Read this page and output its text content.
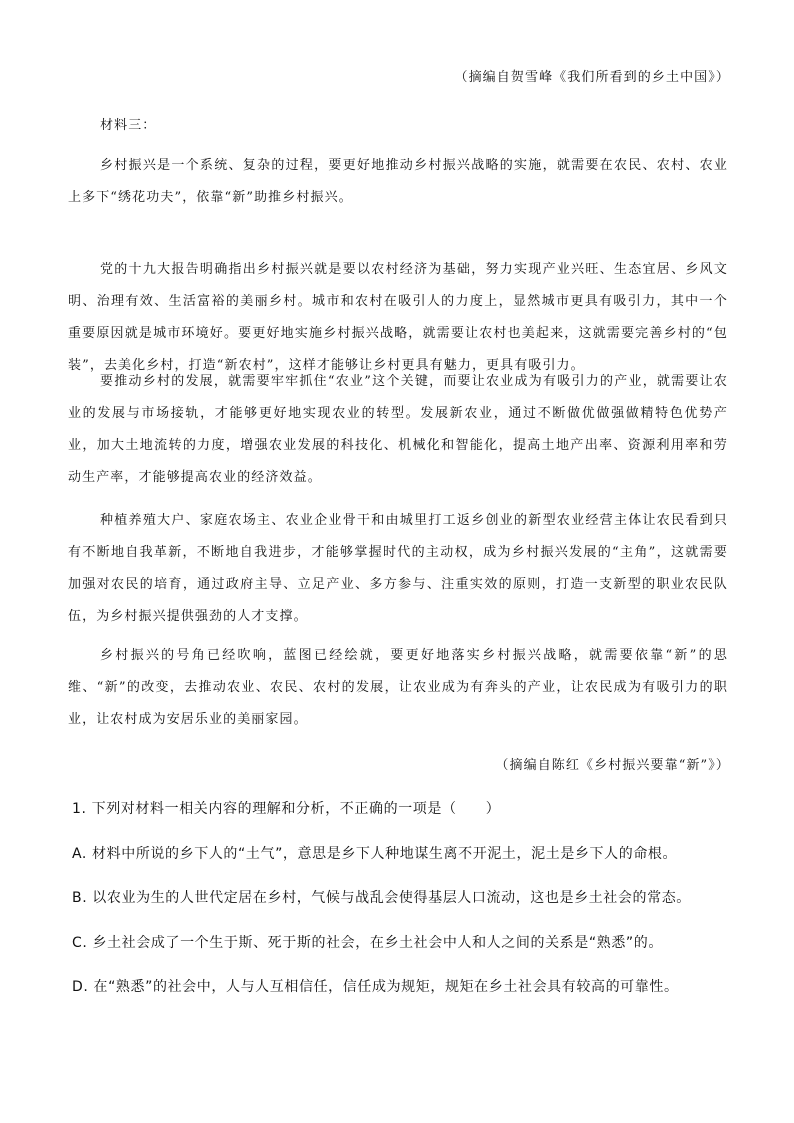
（摘编自贺雪峰《我们所看到的乡土中国》）
材料三：
乡村振兴是一个系统、复杂的过程，要更好地推动乡村振兴战略的实施，就需要在农民、农村、农业上多下“绣花功夫”，依靠“新”助推乡村振兴。
党的十九大报告明确指出乡村振兴就是要以农村经济为基础，努力实现产业兴旺、生态宜居、乡风文明、治理有效、生活富裕的美丽乡村。城市和农村在吸引人的力度上，显然城市更具有吸引力，其中一个重要原因就是城市环境好。要更好地实施乡村振兴战略，就需要让农村也美起来，这就需要完善乡村的“包装”，去美化乡村，打造“新农村”，这样才能够让乡村更具有魅力，更具有吸引力。
要推动乡村的发展，就需要牢牢抓住“农业”这个关键，而要让农业成为有吸引力的产业，就需要让农业的发展与市场接轨，才能够更好地实现农业的转型。发展新农业，通过不断做优做强做精特色优势产业，加大土地流转的力度，增强农业发展的科技化、机械化和智能化，提高土地产出率、资源利用率和劳动生产率，才能够提高农业的经济效益。
种植养殖大户、家庭农场主、农业企业骨干和由城里打工返乡创业的新型农业经营主体让农民看到只有不断地自我革新，不断地自我进步，才能够掌握时代的主动权，成为乡村振兴发展的“主角”，这就需要加强对农民的培育，通过政府主导、立足产业、多方参与、注重实效的原则，打造一支新型的职业农民队伍，为乡村振兴提供强劲的人才支撑。
乡村振兴的号角已经吹响，蓝图已经绘就，要更好地落实乡村振兴战略，就需要依靠“新”的思维、“新”的改变，去推动农业、农民、农村的发展，让农业成为有奔头的产业，让农民成为有吸引力的职业，让农村成为安居乐业的美丽家园。
（摘编自陈红《乡村振兴要靠“新”》）
1. 下列对材料一相关内容的理解和分析，不正确的一项是（　　）
A. 材料中所说的乡下人的“土气”，意思是乡下人种地谋生离不开泥土，泥土是乡下人的命根。
B. 以农业为生的人世代定居在乡村，气候与战乱会使得基层人口流动，这也是乡土社会的常态。
C. 乡土社会成了一个生于斯、死于斯的社会，在乡土社会中人和人之间的关系是“熟悉”的。
D. 在“熟悉”的社会中，人与人互相信任，信任成为规矩，规矩在乡土社会具有较高的可靠性。
